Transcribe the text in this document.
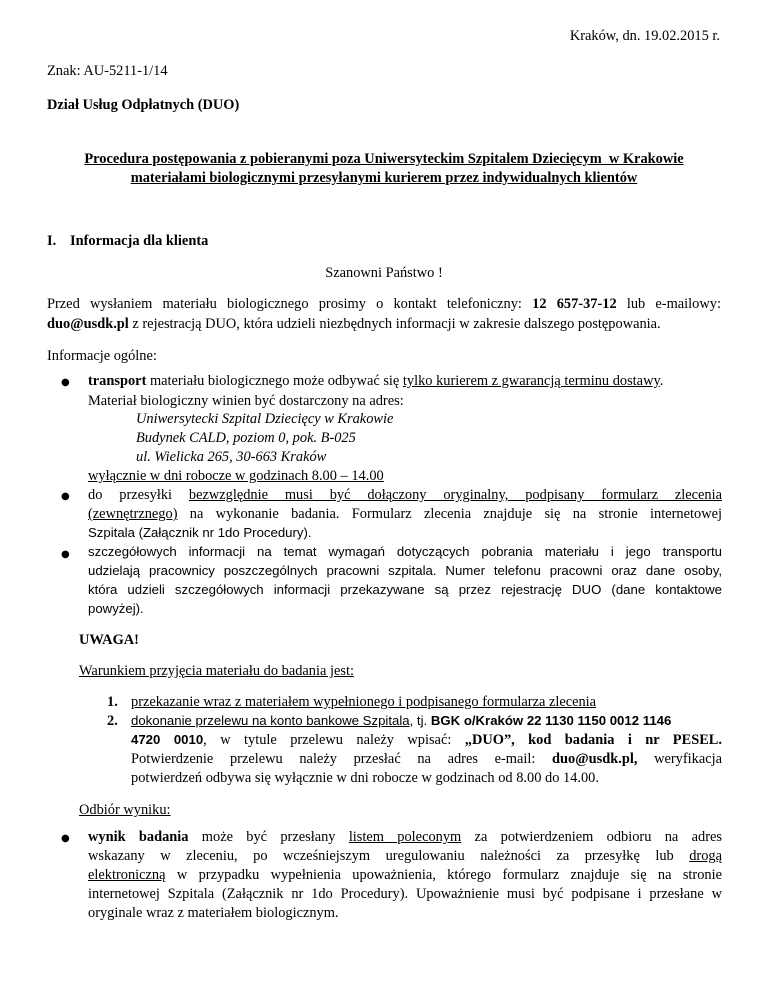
Kraków, dn. 19.02.2015 r.
Znak: AU-5211-1/14
Dział Usług Odpłatnych (DUO)
Procedura postępowania z pobieranymi poza Uniwersyteckim Szpitalem Dziecięcym  w Krakowie
materiałami biologicznymi przesyłanymi kurierem przez indywidualnych klientów
I. Informacja dla klienta
Szanowni Państwo !
Przed wysłaniem materiału biologicznego prosimy o kontakt telefoniczny: 12 657-37-12 lub e-mailowy:
duo@usdk.pl z rejestracją DUO, która udzieli niezbędnych informacji w zakresie dalszego postępowania.
Informacje ogólne:
● transport materiału biologicznego może odbywać się tylko kurierem z gwarancją terminu dostawy.
Materiał biologiczny winien być dostarczony na adres:
Uniwersytecki Szpital Dziecięcy w Krakowie
Budynek CALD, poziom 0, pok. B-025
ul. Wielicka 265, 30-663 Kraków
wyłącznie w dni robocze w godzinach 8.00 – 14.00
● do przesyłki bezwzględnie musi być dołączony oryginalny, podpisany formularz zlecenia
(zewnętrznego) na wykonanie badania. Formularz zlecenia znajduje się na stronie internetowej
Szpitala (Załącznik nr 1do Procedury).
● szczegółowych informacji na temat wymagań dotyczących pobrania materiału i jego transportu
udzielają pracownicy poszczególnych pracowni szpitala. Numer telefonu pracowni oraz dane osoby,
która udzieli szczegółowych informacji przekazywane są przez rejestrację DUO (dane kontaktowe
powyżej).
UWAGA!
Warunkiem przyjęcia materiału do badania jest:
1. przekazanie wraz z materiałem wypełnionego i podpisanego formularza zlecenia
2. dokonanie przelewu na konto bankowe Szpitala, tj. BGK o/Kraków 22 1130 1150 0012 1146
4720 0010, w tytule przelewu należy wpisać: „DUO”, kod badania i nr PESEL.
Potwierdzenie przelewu należy przesłać na adres e-mail: duo@usdk.pl, weryfikacja
potwierdzeń odbywa się wyłącznie w dni robocze w godzinach od 8.00 do 14.00.
Odbiór wyniku:
● wynik badania może być przesłany listem poleconym za potwierdzeniem odbioru na adres
wskazany w zleceniu, po wcześniejszym uregulowaniu należności za przesyłkę lub drogą
elektroniczną w przypadku wypełnienia upoważnienia, którego formularz znajduje się na stronie
internetowej Szpitala (Załącznik nr 1do Procedury). Upoważnienie musi być podpisane i przesłane w
oryginale wraz z materiałem biologicznym.
